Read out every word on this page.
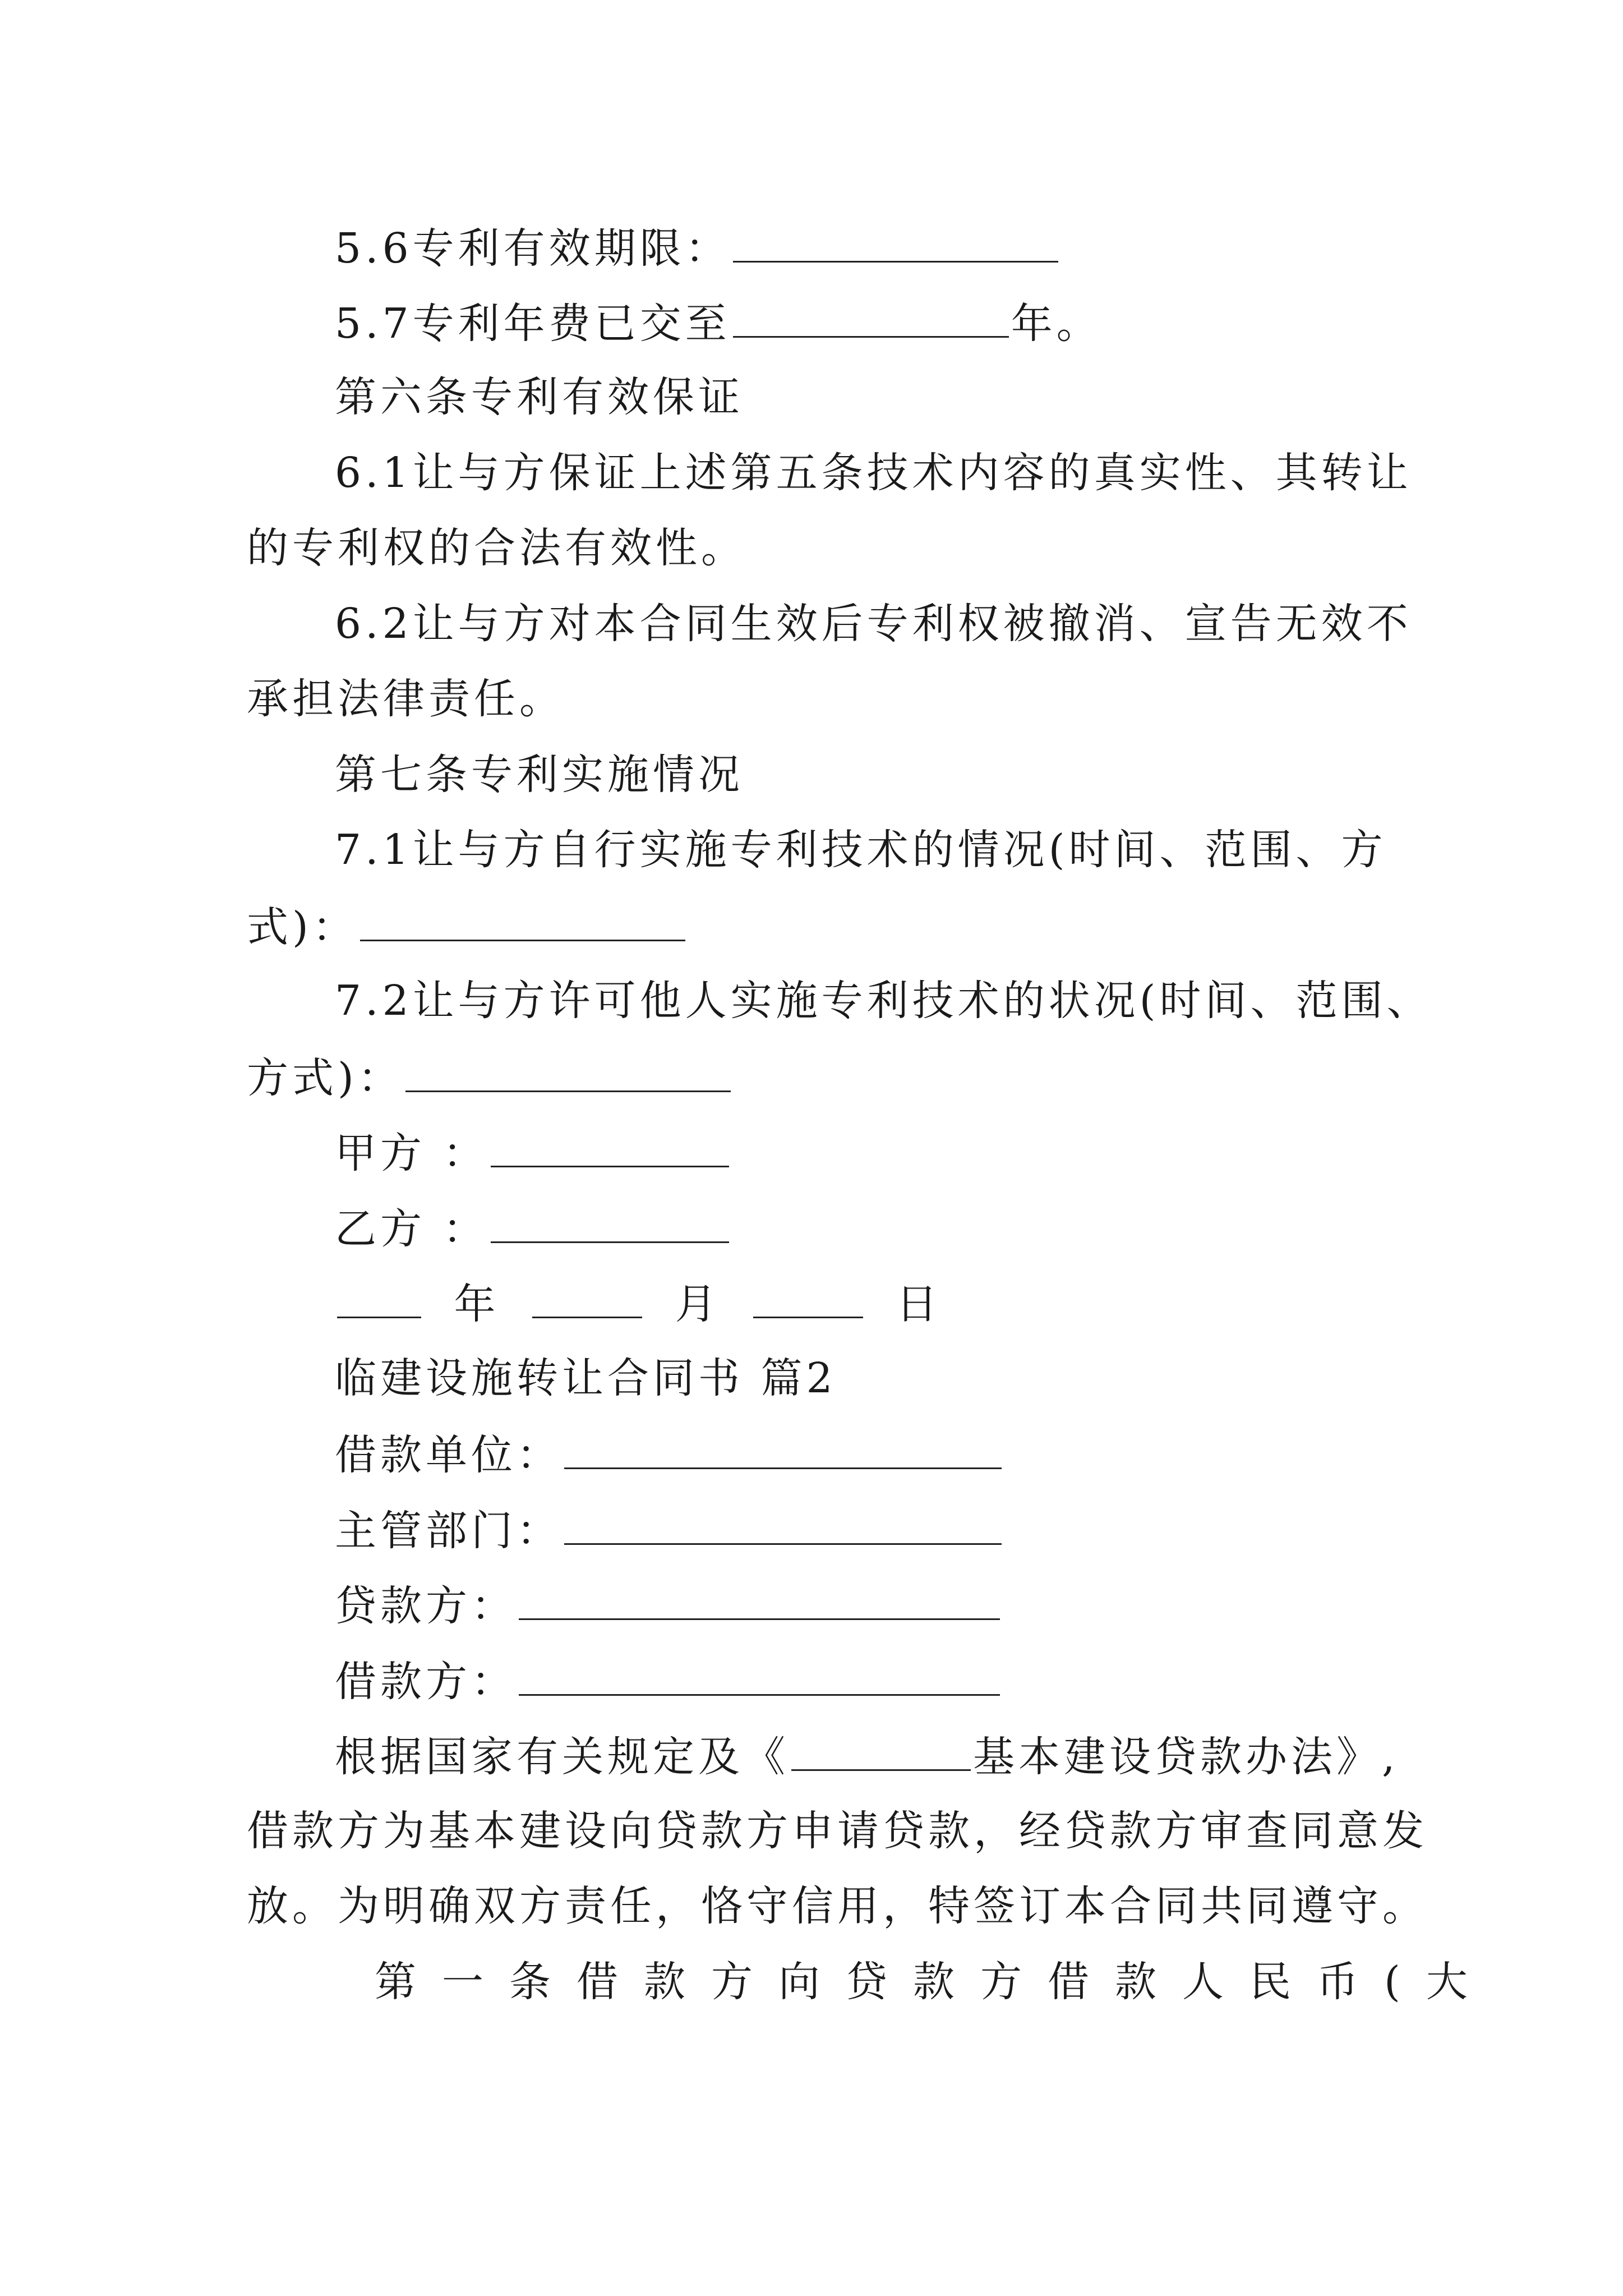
5.6专利有效期限：
5.7专利年费已交至	年。
第六条专利有效保证
6.1让与方保证上述第五条技术内容的真实性、其转让
的专利权的合法有效性。
6.2让与方对本合同生效后专利权被撤消、宣告无效不
承担法律责任。
第七条专利实施情况
7.1让与方自行实施专利技术的情况(时间、范围、方
式)：
7.2让与方许可他人实施专利技术的状况(时间、范围、
方式)：
甲方 ：
乙方 ：
年	月	日
临建设施转让合同书 篇2
借款单位：
主管部门：
贷款方：
借款方：
根据国家有关规定及《	基本建设贷款办法》,
借款方为基本建设向贷款方申请贷款，经贷款方审查同意发
放。为明确双方责任，恪守信用，特签订本合同共同遵守。
第一条借款方向贷款方借款人民币(大
